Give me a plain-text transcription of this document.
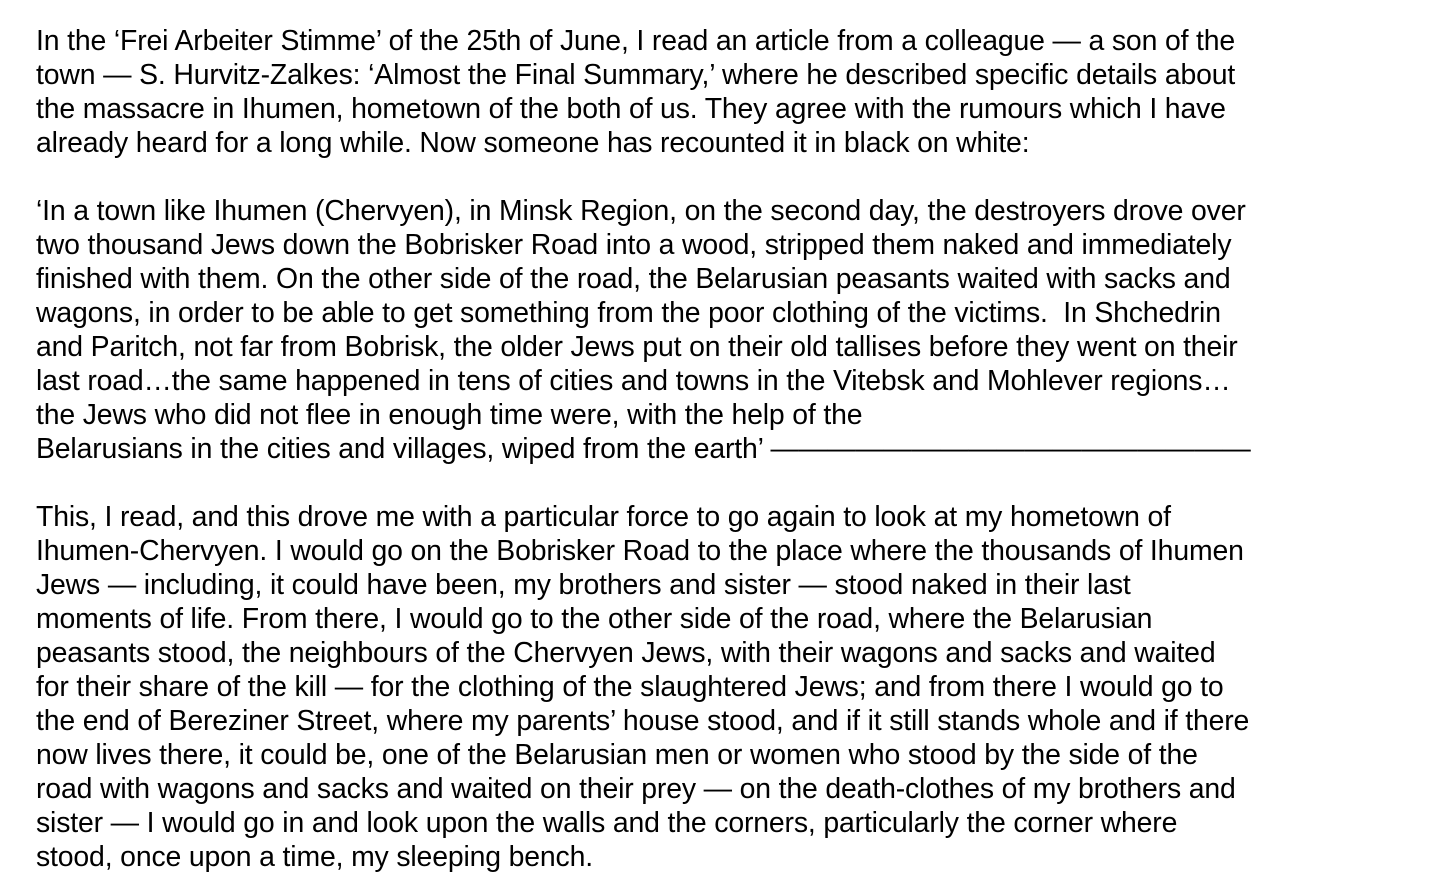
In the ‘Frei Arbeiter Stimme’ of the 25th of June, I read an article from a colleague — a son of the
town — S. Hurvitz-Zalkes: ‘Almost the Final Summary,’ where he described specific details about
the massacre in Ihumen, hometown of the both of us. They agree with the rumours which I have
already heard for a long while. Now someone has recounted it in black on white:

‘In a town like Ihumen (Chervyen), in Minsk Region, on the second day, the destroyers drove over
two thousand Jews down the Bobrisker Road into a wood, stripped them naked and immediately
finished with them. On the other side of the road, the Belarusian peasants waited with sacks and
wagons, in order to be able to get something from the poor clothing of the victims.  In Shchedrin
and Paritch, not far from Bobrisk, the older Jews put on their old tallises before they went on their
last road…the same happened in tens of cities and towns in the Vitebsk and Mohlever regions…
the Jews who did not flee in enough time were, with the help of the
Belarusians in the cities and villages, wiped from the earth’ —————————————————

This, I read, and this drove me with a particular force to go again to look at my hometown of
Ihumen-Chervyen. I would go on the Bobrisker Road to the place where the thousands of Ihumen
Jews — including, it could have been, my brothers and sister — stood naked in their last
moments of life. From there, I would go to the other side of the road, where the Belarusian
peasants stood, the neighbours of the Chervyen Jews, with their wagons and sacks and waited
for their share of the kill — for the clothing of the slaughtered Jews; and from there I would go to
the end of Bereziner Street, where my parents’ house stood, and if it still stands whole and if there
now lives there, it could be, one of the Belarusian men or women who stood by the side of the
road with wagons and sacks and waited on their prey — on the death-clothes of my brothers and
sister — I would go in and look upon the walls and the corners, particularly the corner where
stood, once upon a time, my sleeping bench.
